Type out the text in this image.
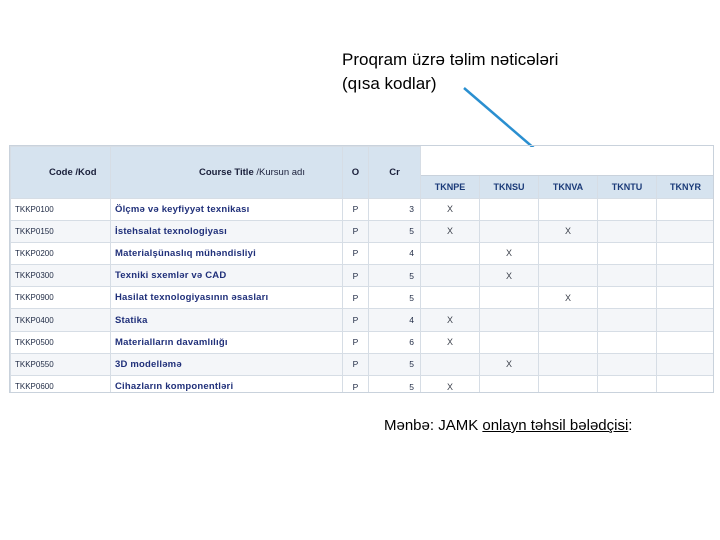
Proqram üzrə təlim nəticələri
(qısa kodlar)
Code /Kod	Course Title /Kursun adı	O	Cr					
				TKNPE	TKNSU	TKNVA	TKNTU	TKNYR
TKKP0100	Ölçmə və keyfiyyət texnikası	P	3	X				
TKKP0150	İstehsalat texnologiyası	P	5	X		X		
TKKP0200	Materialşünaslıq mühəndisliyi	P	4		X			
TKKP0300	Texniki sxemlər və CAD	P	5		X			
TKKP0900	Hasilat texnologiyasının əsasları	P	5			X		
TKKP0400	Statika	P	4	X				
TKKP0500	Materialların davamlılığı	P	6	X				
TKKP0550	3D modelləmə	P	5		X			
TKKP0600	Cihazların komponentləri	P	5	X				
Mənbə: JAMK onlayn təhsil bələdçisi:
